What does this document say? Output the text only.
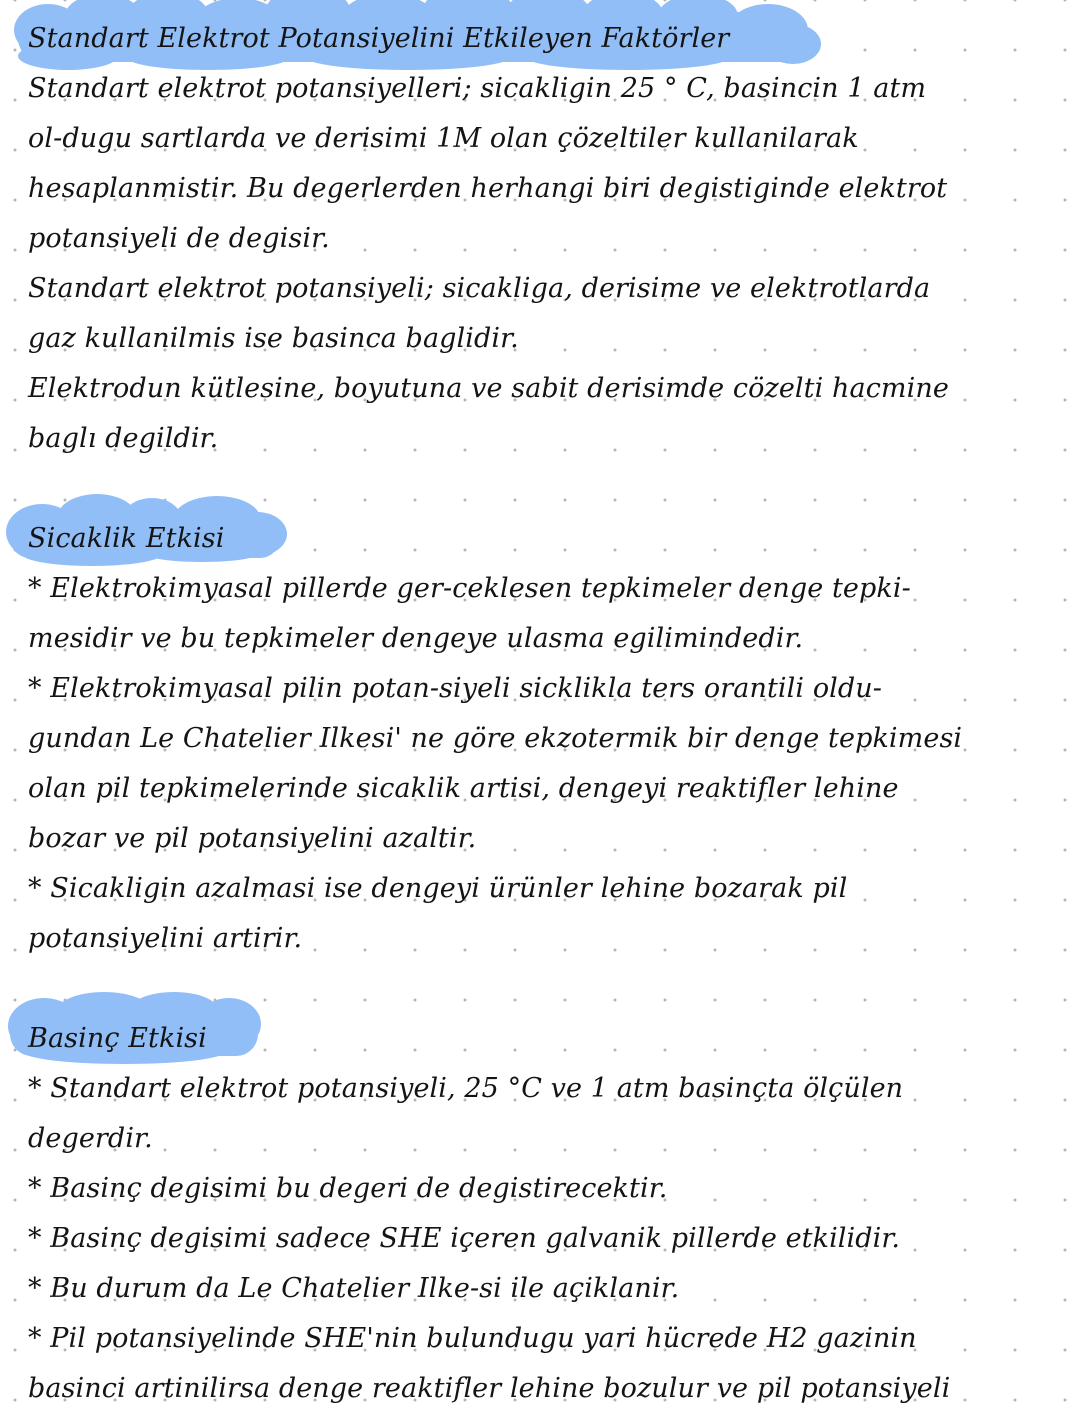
Standart Elektrot Potansiyelini Etkileyen Faktörler
Standart elektrot potansiyelleri; sicakligin 25 ° C, basincin 1 atm
ol-dugu sartlarda ve derisimi 1M olan çözeltiler kullanilarak
hesaplanmistir. Bu degerlerden herhangi biri degistiginde elektrot
potansiyeli de degisir.
Standart elektrot potansiyeli; sicakliga, derisime ve elektrotlarda
gaz kullanilmis ise basinca baglidir.
Elektrodun kütlesine, boyutuna ve sabit derisimde cözelti hacmine
baglı degildir.
Sicaklik Etkisi
* Elektrokimyasal pillerde ger-ceklesen tepkimeler denge tepki-
mesidir ve bu tepkimeler dengeye ulasma egilimindedir.
* Elektrokimyasal pilin potan-siyeli sicklikla ters orantili oldu-
gundan Le Chatelier Ilkesi' ne göre ekzotermik bir denge tepkimesi
olan pil tepkimelerinde sicaklik artisi, dengeyi reaktifler lehine
bozar ve pil potansiyelini azaltir.
* Sicakligin azalmasi ise dengeyi ürünler lehine bozarak pil
potansiyelini artirir.
Basinç Etkisi
* Standart elektrot potansiyeli, 25 °C ve 1 atm basinçta ölçülen
degerdir.
* Basinç degisimi bu degeri de degistirecektir.
* Basinç degisimi sadece SHE içeren galvanik pillerde etkilidir.
* Bu durum da Le Chatelier Ilke-si ile açiklanir.
* Pil potansiyelinde SHE'nin bulundugu yari hücrede H2 gazinin
basinci artinilirsa denge reaktifler lehine bozulur ve pil potansiyeli
